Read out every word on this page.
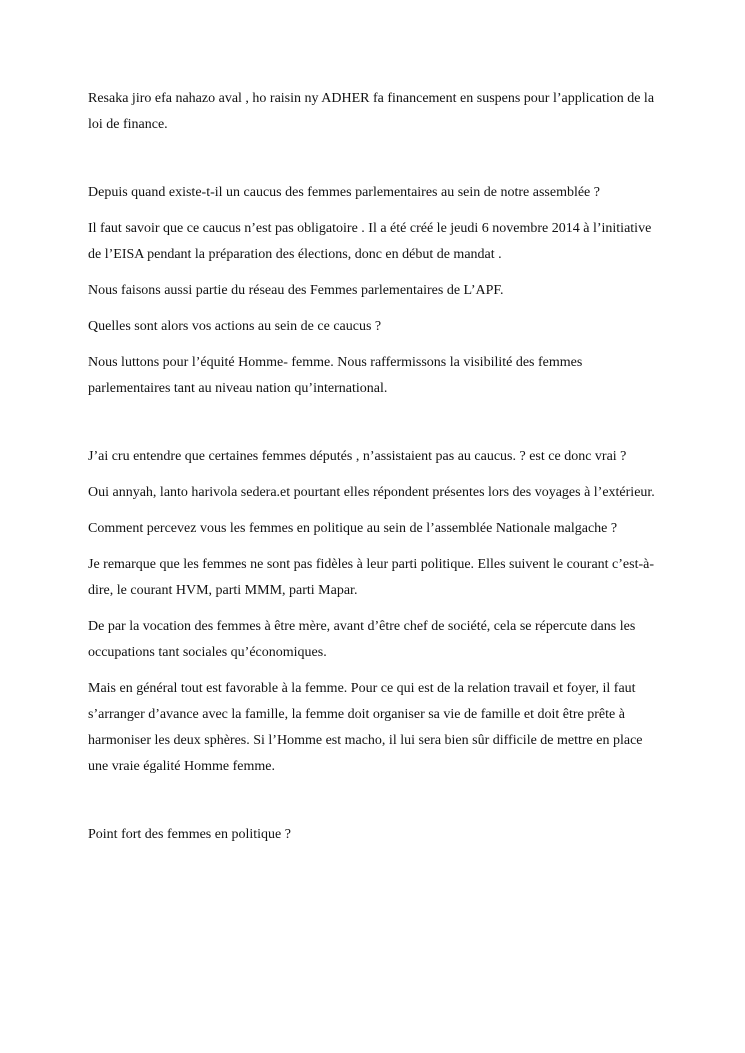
Resaka jiro efa nahazo aval , ho raisin ny ADHER fa financement en suspens pour l’application de la loi de finance.

Depuis quand existe-t-il un caucus des femmes parlementaires au sein de notre assemblée ?

Il faut savoir que ce caucus n’est pas obligatoire . Il a été créé le jeudi 6 novembre 2014 à l’initiative de l’EISA pendant la préparation des élections, donc en début de mandat .

Nous faisons aussi partie du réseau des Femmes parlementaires de L’APF.

Quelles sont alors vos actions au sein de ce caucus ?

Nous luttons pour l’équité Homme- femme. Nous raffermissons la visibilité des femmes parlementaires tant au niveau nation qu’international.

J’ai cru entendre que certaines femmes députés , n’assistaient pas au caucus. ? est ce donc vrai ?

Oui annyah, lanto harivola sedera.et pourtant elles répondent présentes lors des voyages à l’extérieur.

Comment percevez vous les femmes en politique au sein de l’assemblée Nationale malgache ?

Je remarque que les femmes ne sont pas fidèles à leur parti politique. Elles suivent le courant c’est-à-dire, le courant HVM, parti MMM, parti Mapar.

De par la vocation des femmes à être mère, avant d’être chef de société, cela se répercute dans les occupations tant sociales qu’économiques.

Mais en général tout est favorable à la femme. Pour ce qui est de la relation travail et foyer, il faut s’arranger d’avance avec la famille, la femme doit organiser sa vie de famille et doit être prête à harmoniser les deux sphères. Si l’Homme est macho, il lui sera bien sûr difficile de mettre en place une vraie égalité Homme femme.

Point fort des femmes en politique ?
